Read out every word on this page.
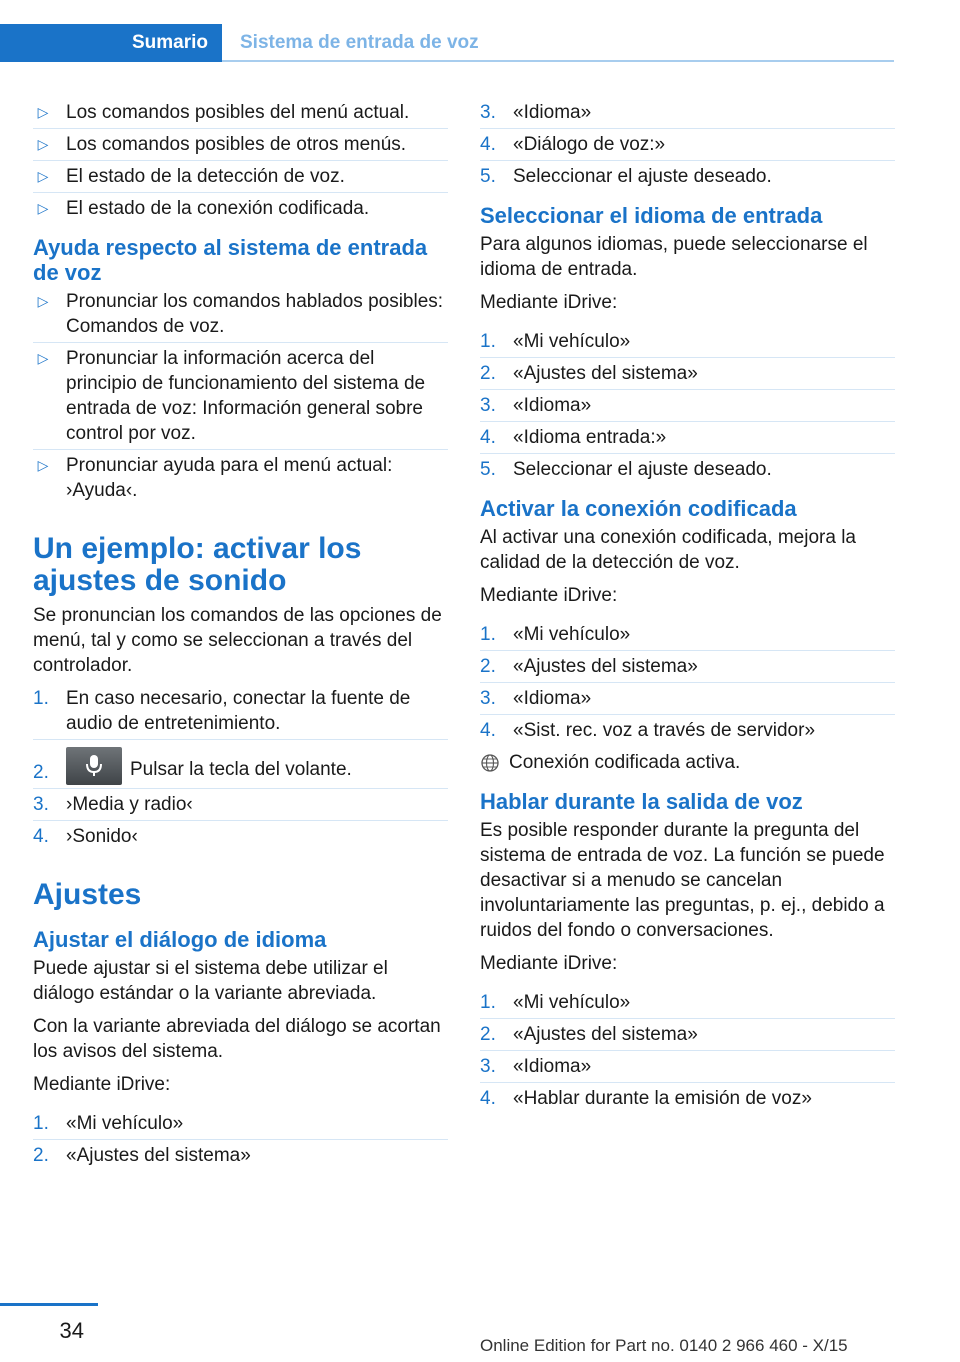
Sumario	Sistema de entrada de voz
▷ Los comandos posibles del menú actual.
▷ Los comandos posibles de otros menús.
▷ El estado de la detección de voz.
▷ El estado de la conexión codificada.
Ayuda respecto al sistema de entrada de voz
▷ Pronunciar los comandos hablados posibles: Comandos de voz.
▷ Pronunciar la información acerca del principio de funcionamiento del sistema de entrada de voz: Información general sobre control por voz.
▷ Pronunciar ayuda para el menú actual: ›Ayuda‹.
Un ejemplo: activar los ajustes de sonido

Se pronuncian los comandos de las opciones de menú, tal y como se seleccionan a través del controlador.

1. En caso necesario, conectar la fuente de audio de entretenimiento.
2.	Pulsar la tecla del volante.
3. ›Media y radio‹
4. ›Sonido‹
Ajustes
Ajustar el diálogo de idioma

Puede ajustar si el sistema debe utilizar el diálogo estándar o la variante abreviada.

Con la variante abreviada del diálogo se acortan los avisos del sistema.

Mediante iDrive:

1. «Mi vehículo»
2. «Ajustes del sistema»
3. «Idioma»
4. «Diálogo de voz:»
5. Seleccionar el ajuste deseado.
Seleccionar el idioma de entrada

Para algunos idiomas, puede seleccionarse el idioma de entrada.

Mediante iDrive:

1. «Mi vehículo»
2. «Ajustes del sistema»
3. «Idioma»
4. «Idioma entrada:»
5. Seleccionar el ajuste deseado.
Activar la conexión codificada

Al activar una conexión codificada, mejora la calidad de la detección de voz.

Mediante iDrive:

1. «Mi vehículo»
2. «Ajustes del sistema»
3. «Idioma»
4. «Sist. rec. voz a través de servidor»
Conexión codificada activa.
Hablar durante la salida de voz

Es posible responder durante la pregunta del sistema de entrada de voz. La función se puede desactivar si a menudo se cancelan involuntariamente las preguntas, p. ej., debido a ruidos del fondo o conversaciones.

Mediante iDrive:

1. «Mi vehículo»
2. «Ajustes del sistema»
3. «Idioma»
4. «Hablar durante la emisión de voz»
34
Online Edition for Part no. 0140 2 966 460 - X/15
